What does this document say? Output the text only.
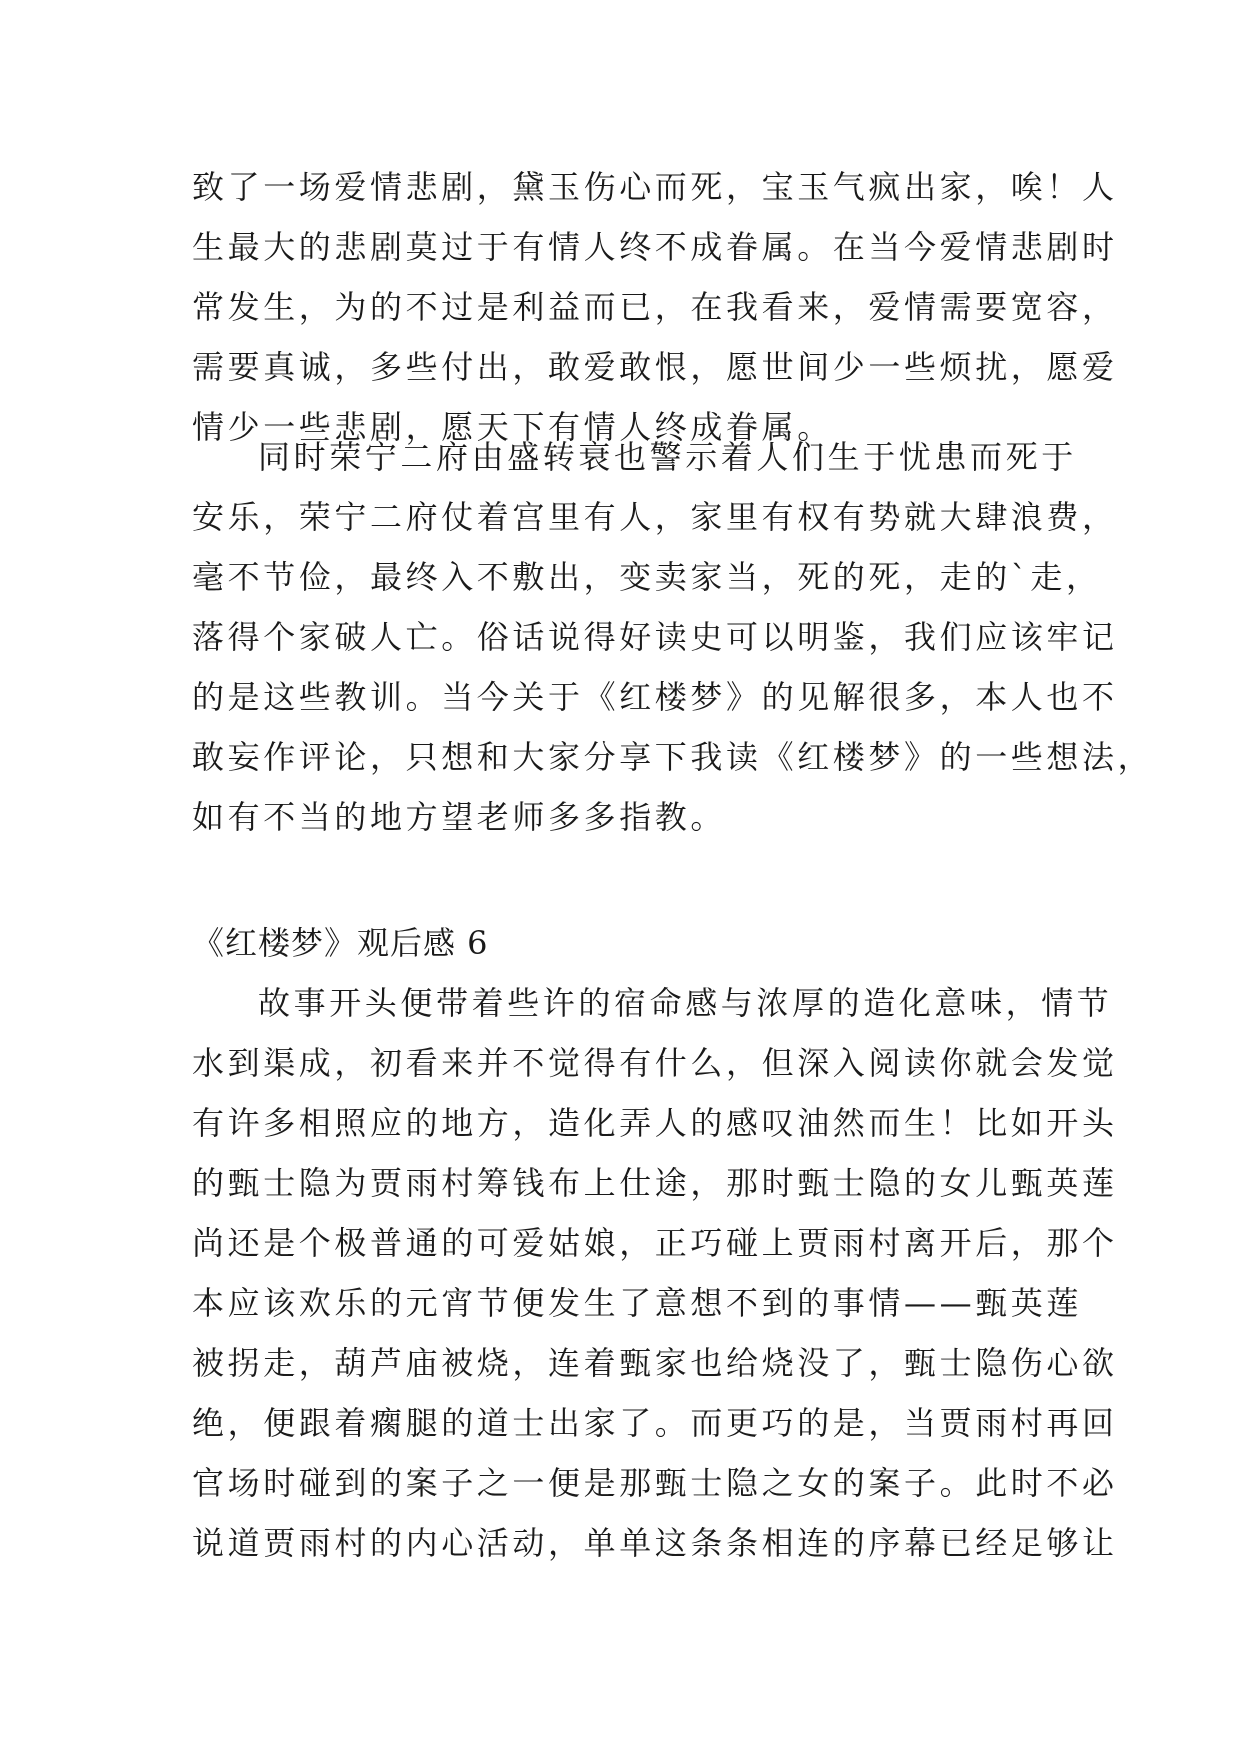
致了一场爱情悲剧，黛玉伤心而死，宝玉气疯出家，唉！人
生最大的悲剧莫过于有情人终不成眷属。在当今爱情悲剧时
常发生，为的不过是利益而已，在我看来，爱情需要宽容，
需要真诚，多些付出，敢爱敢恨，愿世间少一些烦扰，愿爱
情少一些悲剧，愿天下有情人终成眷属。
同时荣宁二府由盛转衰也警示着人们生于忧患而死于
安乐，荣宁二府仗着宫里有人，家里有权有势就大肆浪费，
毫不节俭，最终入不敷出，变卖家当，死的死，走的`走，
落得个家破人亡。俗话说得好读史可以明鉴，我们应该牢记
的是这些教训。当今关于《红楼梦》的见解很多，本人也不
敢妄作评论，只想和大家分享下我读《红楼梦》的一些想法，
如有不当的地方望老师多多指教。
《红楼梦》观后感 6
故事开头便带着些许的宿命感与浓厚的造化意味，情节
水到渠成，初看来并不觉得有什么，但深入阅读你就会发觉
有许多相照应的地方，造化弄人的感叹油然而生！比如开头
的甄士隐为贾雨村筹钱布上仕途，那时甄士隐的女儿甄英莲
尚还是个极普通的可爱姑娘，正巧碰上贾雨村离开后，那个
本应该欢乐的元宵节便发生了意想不到的事情——甄英莲
被拐走，葫芦庙被烧，连着甄家也给烧没了，甄士隐伤心欲
绝，便跟着瘸腿的道士出家了。而更巧的是，当贾雨村再回
官场时碰到的案子之一便是那甄士隐之女的案子。此时不必
说道贾雨村的内心活动，单单这条条相连的序幕已经足够让
